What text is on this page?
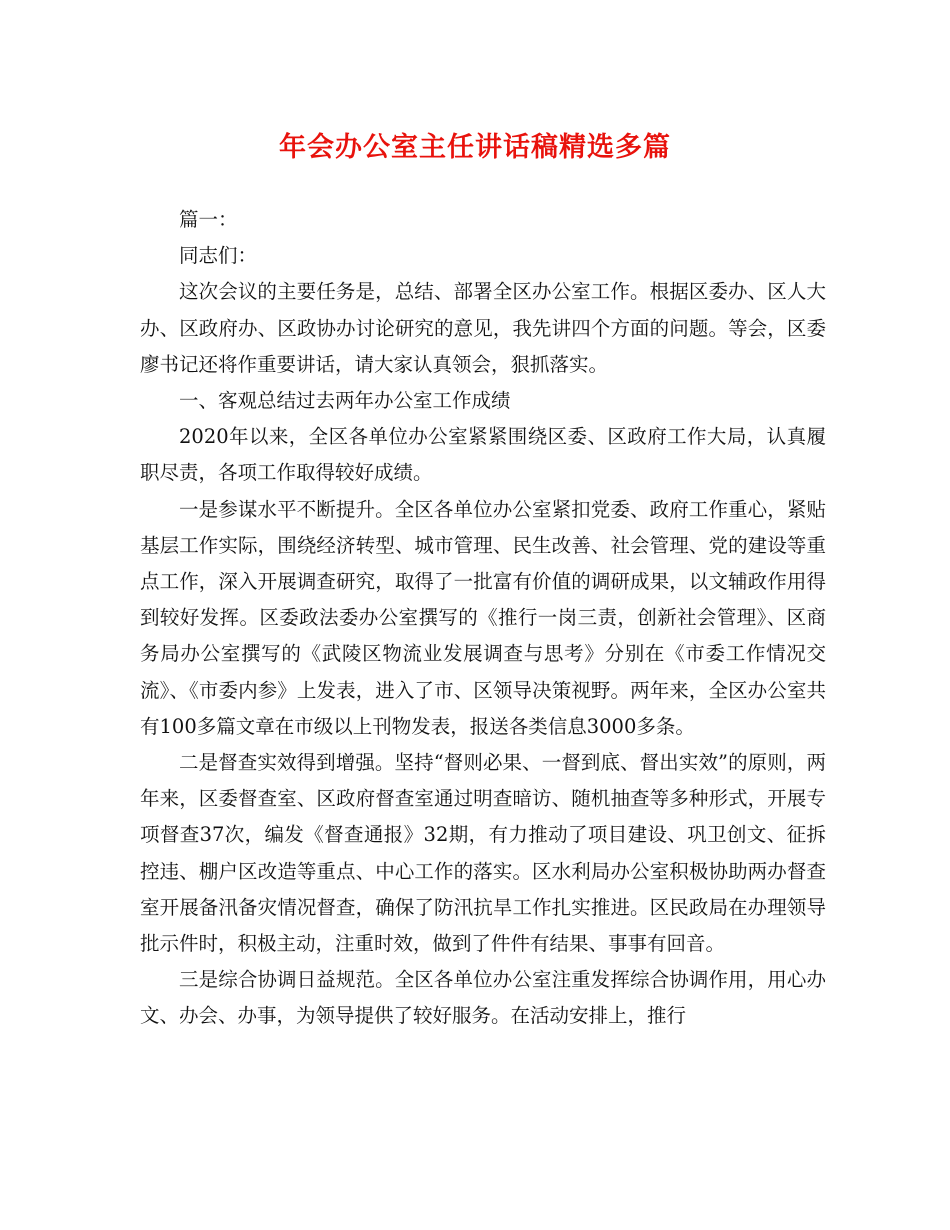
年会办公室主任讲话稿精选多篇

篇一：

同志们：

这次会议的主要任务是，总结、部署全区办公室工作。根据区委办、区人大办、区政府办、区政协办讨论研究的意见，我先讲四个方面的问题。等会，区委廖书记还将作重要讲话，请大家认真领会，狠抓落实。

一、客观总结过去两年办公室工作成绩

2020年以来，全区各单位办公室紧紧围绕区委、区政府工作大局，认真履职尽责，各项工作取得较好成绩。

一是参谋水平不断提升。全区各单位办公室紧扣党委、政府工作重心，紧贴基层工作实际，围绕经济转型、城市管理、民生改善、社会管理、党的建设等重点工作，深入开展调查研究，取得了一批富有价值的调研成果，以文辅政作用得到较好发挥。区委政法委办公室撰写的《推行一岗三责，创新社会管理》、区商务局办公室撰写的《武陵区物流业发展调查与思考》分别在《市委工作情况交流》、《市委内参》上发表，进入了市、区领导决策视野。两年来，全区办公室共有100多篇文章在市级以上刊物发表，报送各类信息3000多条。

二是督查实效得到增强。坚持“督则必果、一督到底、督出实效”的原则，两年来，区委督查室、区政府督查室通过明查暗访、随机抽查等多种形式，开展专项督查37次，编发《督查通报》32期，有力推动了项目建设、巩卫创文、征拆控违、棚户区改造等重点、中心工作的落实。区水利局办公室积极协助两办督查室开展备汛备灾情况督查，确保了防汛抗旱工作扎实推进。区民政局在办理领导批示件时，积极主动，注重时效，做到了件件有结果、事事有回音。

三是综合协调日益规范。全区各单位办公室注重发挥综合协调作用，用心办文、办会、办事，为领导提供了较好服务。在活动安排上，推行
